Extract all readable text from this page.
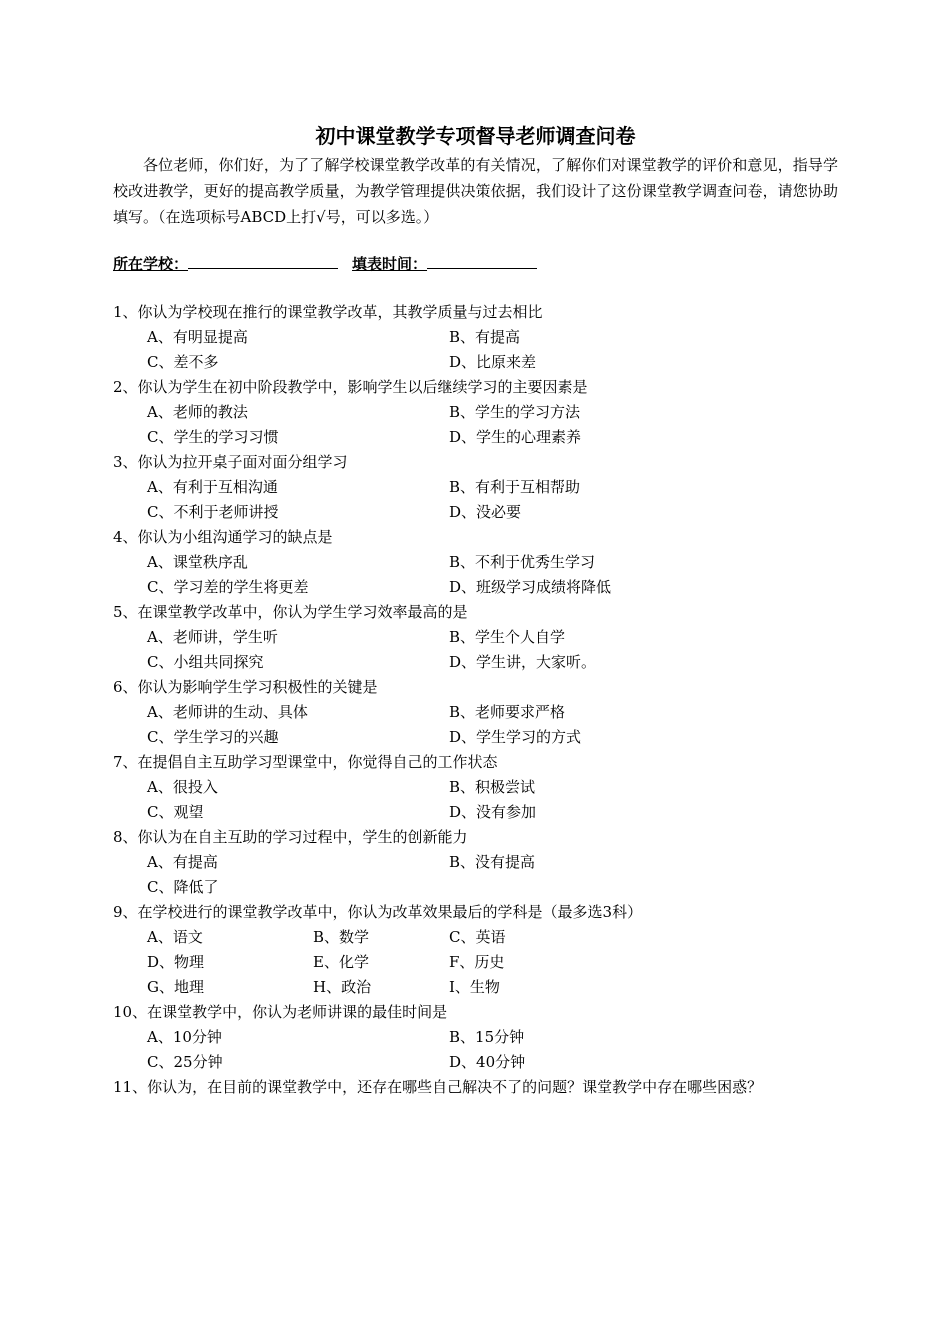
初中课堂教学专项督导老师调查问卷

各位老师，你们好，为了了解学校课堂教学改革的有关情况，了解你们对课堂教学的评价和意见，指导学校改进教学，更好的提高教学质量，为教学管理提供决策依据，我们设计了这份课堂教学调查问卷，请您协助填写。（在选项标号ABCD上打√号，可以多选。）

所在学校：	填表时间：
1、你认为学校现在推行的课堂教学改革，其教学质量与过去相比
A、有明显提高	B、有提高
C、差不多	D、比原来差
2、你认为学生在初中阶段教学中，影响学生以后继续学习的主要因素是
A、老师的教法	B、学生的学习方法
C、学生的学习习惯	D、学生的心理素养
3、你认为拉开桌子面对面分组学习
A、有利于互相沟通	B、有利于互相帮助
C、不利于老师讲授	D、没必要
4、你认为小组沟通学习的缺点是
A、课堂秩序乱	B、不利于优秀生学习
C、学习差的学生将更差	D、班级学习成绩将降低
5、在课堂教学改革中，你认为学生学习效率最高的是
A、老师讲，学生听	B、学生个人自学
C、小组共同探究	D、学生讲，大家听。
6、你认为影响学生学习积极性的关键是
A、老师讲的生动、具体	B、老师要求严格
C、学生学习的兴趣	D、学生学习的方式
7、在提倡自主互助学习型课堂中，你觉得自己的工作状态
A、很投入	B、积极尝试
C、观望	D、没有参加
8、你认为在自主互助的学习过程中，学生的创新能力
A、有提高	B、没有提高
C、降低了
9、在学校进行的课堂教学改革中，你认为改革效果最后的学科是（最多选3科）
A、语文	B、数学	C、英语
D、物理	E、化学	F、历史
G、地理	H、政治	I、生物
10、在课堂教学中，你认为老师讲课的最佳时间是
A、10分钟	B、15分钟
C、25分钟	D、40分钟
11、你认为，在目前的课堂教学中，还存在哪些自己解决不了的问题？课堂教学中存在哪些困惑？
